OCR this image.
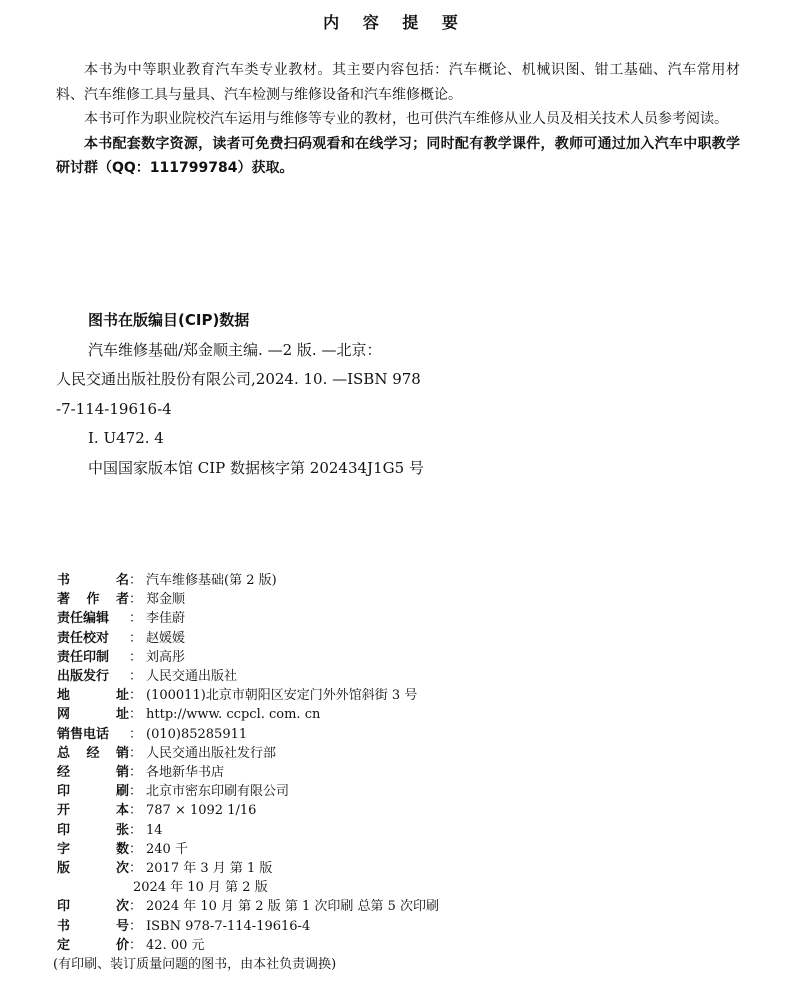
内 容 提 要

本书为中等职业教育汽车类专业教材。其主要内容包括：汽车概论、机械识图、钳工基础、汽车常用材料、汽车维修工具与量具、汽车检测与维修设备和汽车维修概论。

本书可作为职业院校汽车运用与维修等专业的教材，也可供汽车维修从业人员及相关技术人员参考阅读。

本书配套数字资源，读者可免费扫码观看和在线学习；同时配有教学课件，教师可通过加入汽车中职教学研讨群（QQ：111799784）获取。

图书在版编目(CIP)数据
汽车维修基础/郑金顺主编. —2 版. —北京：
人民交通出版社股份有限公司,2024. 10. —ISBN 978
-7-114-19616-4
Ⅰ. U472. 4
中国国家版本馆 CIP 数据核字第 202434J1G5 号
书	名 ： 汽车维修基础(第 2 版)
著 作 者 ： 郑金顺
责任编辑 ： 李佳蔚
责任校对 ： 赵媛媛
责任印制 ： 刘高彤
出版发行 ： 人民交通出版社
地	址 ： (100011)北京市朝阳区安定门外外馆斜街 3 号
网	址 ： http://www. ccpcl. com. cn
销售电话 ： (010)85285911
总 经 销 ： 人民交通出版社发行部
经	销 ： 各地新华书店
印	刷 ： 北京市密东印刷有限公司
开	本 ： 787 × 1092 1/16
印	张 ： 14
字	数 ： 240 千
版	次 ： 2017 年 3 月 第 1 版
2024 年 10 月 第 2 版
印	次 ： 2024 年 10 月 第 2 版 第 1 次印刷 总第 5 次印刷
书	号 ： ISBN 978-7-114-19616-4
定	价 ： 42. 00 元
(有印刷、装订质量问题的图书，由本社负责调换)
